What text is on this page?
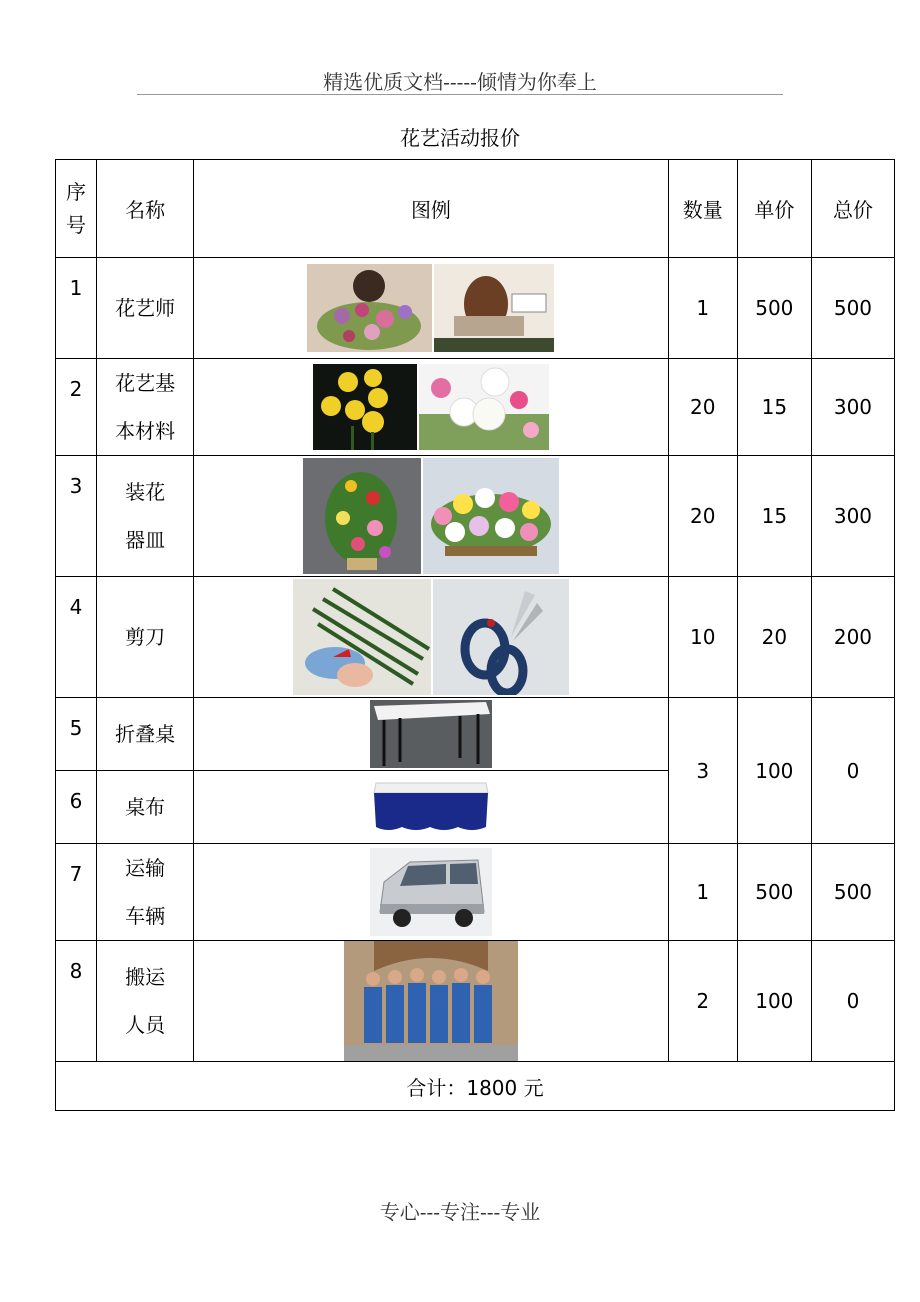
精选优质文档-----倾情为你奉上
花艺活动报价
序
号	名称	图例	数量	单价	总价
1	花艺师		1	500	500
2	花艺基
本材料		20	15	300
3	装花
器皿		20	15	300
4	剪刀		10	20	200
5	折叠桌		3	100	0
6	桌布	

7	运输
车辆		1	500	500
8	搬运
人员		2	100	0
合计：1800 元					
专心---专注---专业
